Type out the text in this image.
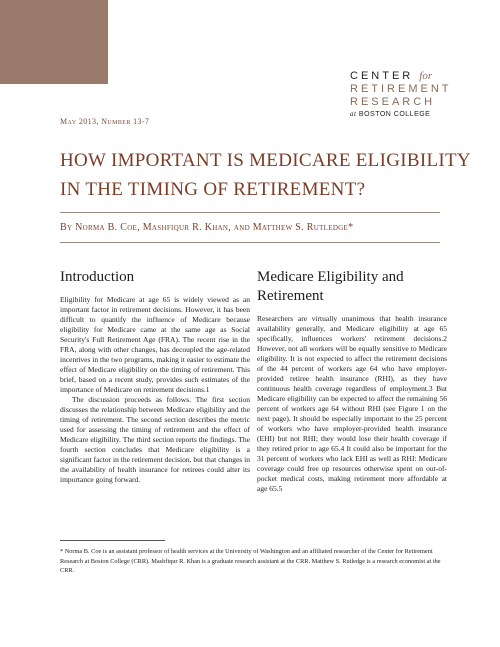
CENTER for
RETIREMENT
RESEARCH
at BOSTON COLLEGE
May 2013, Number 13-7
HOW IMPORTANT IS MEDICARE ELIGIBILITY IN THE TIMING OF RETIREMENT?
By Norma B. Coe, Mashfiqur R. Khan, and Matthew S. Rutledge*
Introduction

Eligibility for Medicare at age 65 is widely viewed as an important factor in retirement decisions. However, it has been difficult to quantify the influence of Medicare because eligibility for Medicare came at the same age as Social Security's Full Retirement Age (FRA). The recent rise in the FRA, along with other changes, has decoupled the age-related incentives in the two programs, making it easier to estimate the effect of Medicare eligibility on the timing of retirement. This brief, based on a recent study, provides such estimates of the importance of Medicare on retirement decisions.1

The discussion proceeds as follows. The first section discusses the relationship between Medicare eligibility and the timing of retirement. The second section describes the metric used for assessing the timing of retirement and the effect of Medicare eligibility. The third section reports the findings. The fourth section concludes that Medicare eligibility is a significant factor in the retirement decision, but that changes in the availability of health insurance for retirees could alter its importance going forward.

Medicare Eligibility and Retirement

Researchers are virtually unanimous that health insurance availability generally, and Medicare eligibility at age 65 specifically, influences workers' retirement decisions.2 However, not all workers will be equally sensitive to Medicare eligibility. It is not expected to affect the retirement decisions of the 44 percent of workers age 64 who have employer-provided retiree health insurance (RHI), as they have continuous health coverage regardless of employment.3 But Medicare eligibility can be expected to affect the remaining 56 percent of workers age 64 without RHI (see Figure 1 on the next page). It should be especially important to the 25 percent of workers who have employer-provided health insurance (EHI) but not RHI; they would lose their health coverage if they retired prior to age 65.4 It could also be important for the 31 percent of workers who lack EHI as well as RHI: Medicare coverage could free up resources otherwise spent on out-of-pocket medical costs, making retirement more affordable at age 65.5

* Norma B. Coe is an assistant professor of health services at the University of Washington and an affiliated researcher of the Center for Retirement Research at Boston College (CRR). Mashfiqur R. Khan is a graduate research assistant at the CRR. Matthew S. Rutledge is a research economist at the CRR.
